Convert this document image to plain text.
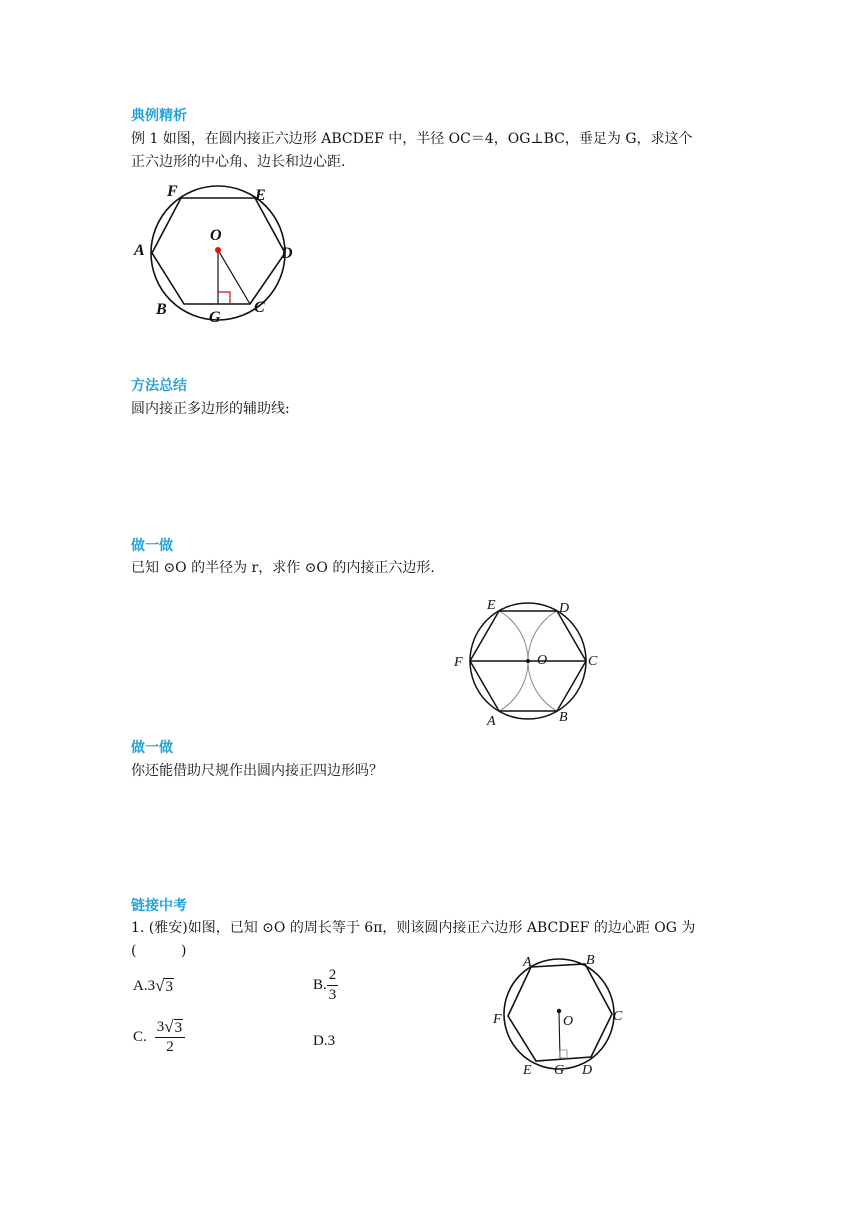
典例精析
例 1 如图，在圆内接正六边形 ABCDEF 中，半径 OC＝4，OG⊥BC，垂足为 G，求这个
正六边形的中心角、边长和边心距.
F	E
A
O
D
B	G
C
方法总结
圆内接正多边形的辅助线:
做一做
已知 ⊙O 的半径为 r，求作 ⊙O 的内接正六边形.
E	D
F	O	C
A	B
做一做
你还能借助尺规作出圆内接正四边形吗？
链接中考
1. (雅安)如图，已知 ⊙O 的周长等于 6π，则该圆内接正六边形 ABCDEF 的边心距 OG 为
(          )
A. 3 √ 3	B. $\frac{2}{3}$
C. $\frac{3 √ 3}{2}$	D.3
A	B
F	O	C
E G D
